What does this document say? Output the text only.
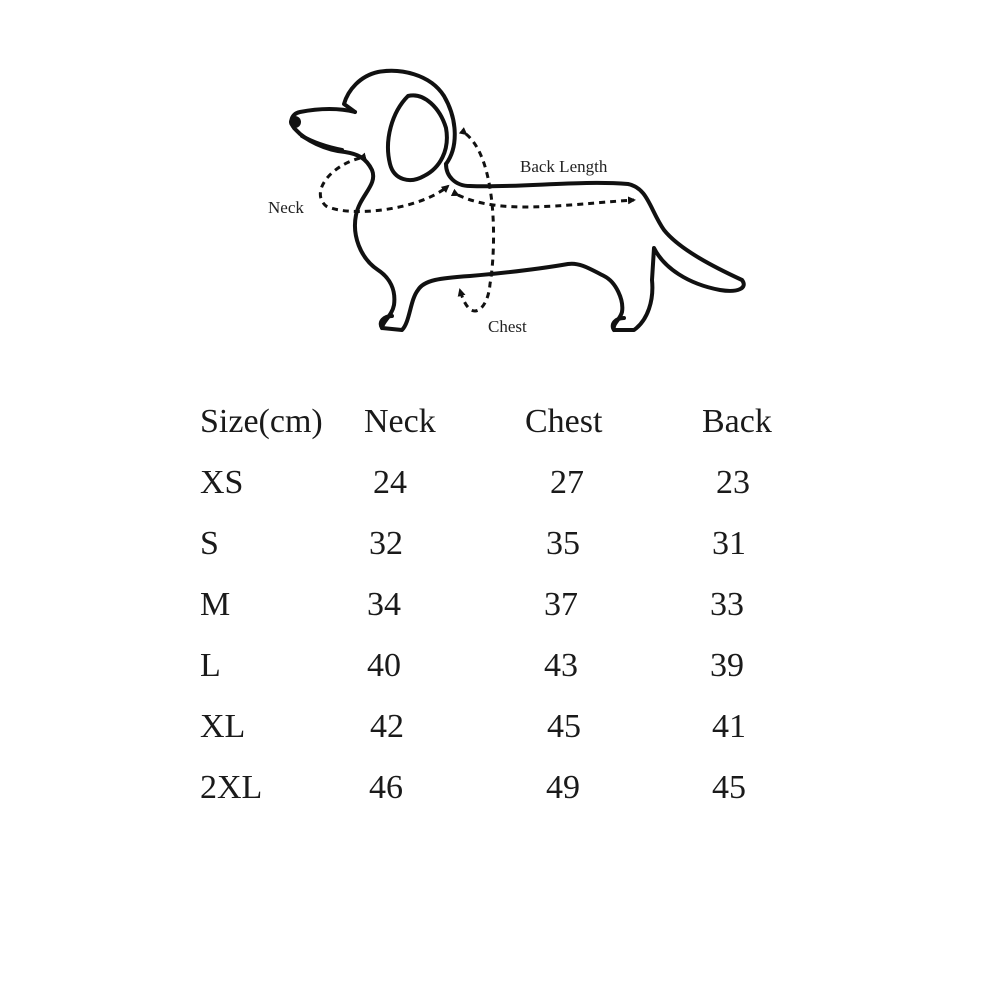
Back Length
Neck
Chest
Size(cm) Neck	Chest	Back
XS	24	27	23
S	32	35	31
M	34	37	33
L	40	43	39
XL	42	45	41
2XL	46	49	45
